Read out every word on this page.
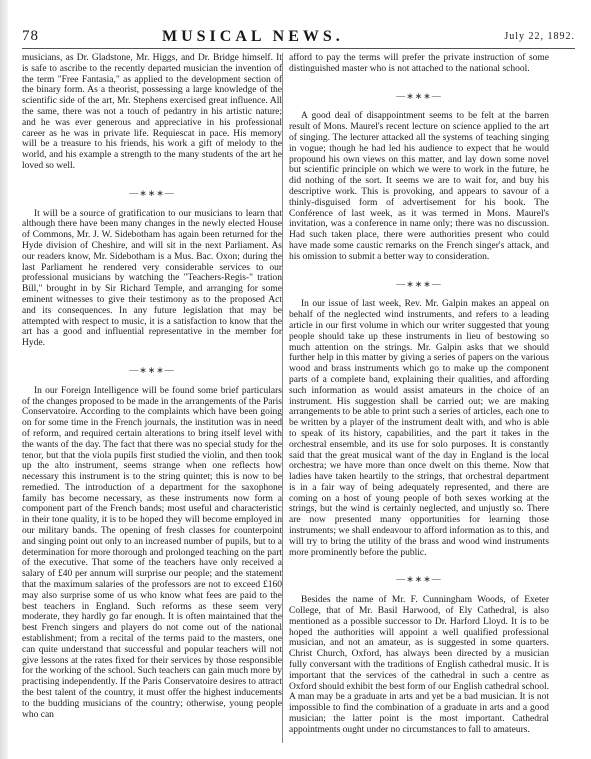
78	MUSICAL NEWS.	July 22, 1892.

musicians, as Dr. Gladstone, Mr. Higgs, and Dr. Bridge himself. It is safe to ascribe to the recently departed musician the invention of the term "Free Fantasia," as applied to the development section of the binary form. As a theorist, possessing a large knowledge of the scientific side of the art, Mr. Stephens exercised great influence. All the same, there was not a touch of pedantry in his artistic nature; and he was ever generous and appreciative in his professional career as he was in private life. Requiescat in pace. His memory will be a treasure to his friends, his work a gift of melody to the world, and his example a strength to the many students of the art he loved so well.

—∗∗∗—

It will be a source of gratification to our musicians to learn that although there have been many changes in the newly elected House of Commons, Mr. J. W. Sidebotham has again been returned for the Hyde division of Cheshire, and will sit in the next Parliament. As our readers know, Mr. Sidebotham is a Mus. Bac. Oxon; during the last Parliament he rendered very considerable services to our professional musicians by watching the "Teachers-Regis-" tration Bill," brought in by Sir Richard Temple, and arranging for some eminent witnesses to give their testimony as to the proposed Act and its consequences. In any future legislation that may be attempted with respect to music, it is a satisfaction to know that the art has a good and influential representative in the member for Hyde.

—∗∗∗—

In our Foreign Intelligence will be found some brief particulars of the changes proposed to be made in the arrangements of the Paris Conservatoire. According to the complaints which have been going on for some time in the French journals, the institution was in need of reform, and required certain alterations to bring itself level with the wants of the day. The fact that there was no special study for the tenor, but that the viola pupils first studied the violin, and then took up the alto instrument, seems strange when one reflects how necessary this instrument is to the string quintet; this is now to be remedied. The introduction of a department for the saxophone family has become necessary, as these instruments now form a component part of the French bands; most useful and characteristic in their tone quality, it is to be hoped they will become employed in our military bands. The opening of fresh classes for counterpoint and singing point out only to an increased number of pupils, but to a determination for more thorough and prolonged teaching on the part of the executive. That some of the teachers have only received a salary of £40 per annum will surprise our people; and the statement that the maximum salaries of the professors are not to exceed £160 may also surprise some of us who know what fees are paid to the best teachers in England. Such reforms as these seem very moderate, they hardly go far enough. It is often maintained that the best French singers and players do not come out of the national establishment; from a recital of the terms paid to the masters, one can quite understand that successful and popular teachers will not give lessons at the rates fixed for their services by those responsible for the working of the school. Such teachers can gain much more by practising independently. If the Paris Conservatoire desires to attract the best talent of the country, it must offer the highest inducements to the budding musicians of the country; otherwise, young people who can

afford to pay the terms will prefer the private instruction of some distinguished master who is not attached to the national school.

—∗∗∗—

A good deal of disappointment seems to be felt at the barren result of Mons. Maurel's recent lecture on science applied to the art of singing. The lecturer attacked all the systems of teaching singing in vogue; though he had led his audience to expect that he would propound his own views on this matter, and lay down some novel but scientific principle on which we were to work in the future, he did nothing of the sort. It seems we are to wait for, and buy his descriptive work. This is provoking, and appears to savour of a thinly-disguised form of advertisement for his book. The Conférence of last week, as it was termed in Mons. Maurel's invitation, was a conference in name only; there was no discussion. Had such taken place, there were authorities present who could have made some caustic remarks on the French singer's attack, and his omission to submit a better way to consideration.

—∗∗∗—

In our issue of last week, Rev. Mr. Galpin makes an appeal on behalf of the neglected wind instruments, and refers to a leading article in our first volume in which our writer suggested that young people should take up these instruments in lieu of bestowing so much attention on the strings. Mr. Galpin asks that we should further help in this matter by giving a series of papers on the various wood and brass instruments which go to make up the component parts of a complete band, explaining their qualities, and affording such information as would assist amateurs in the choice of an instrument. His suggestion shall be carried out; we are making arrangements to be able to print such a series of articles, each one to be written by a player of the instrument dealt with, and who is able to speak of its history, capabilities, and the part it takes in the orchestral ensemble, and its use for solo purposes. It is constantly said that the great musical want of the day in England is the local orchestra; we have more than once dwelt on this theme. Now that ladies have taken heartily to the strings, that orchestral department is in a fair way of being adequately represented, and there are coming on a host of young people of both sexes working at the strings, but the wind is certainly neglected, and unjustly so. There are now presented many opportunities for learning those instruments; we shall endeavour to afford information as to this, and will try to bring the utility of the brass and wood wind instruments more prominently before the public.

—∗∗∗—

Besides the name of Mr. F. Cunningham Woods, of Exeter College, that of Mr. Basil Harwood, of Ely Cathedral, is also mentioned as a possible successor to Dr. Harford Lloyd. It is to be hoped the authorities will appoint a well qualified professional musician, and not an amateur, as is suggested in some quarters. Christ Church, Oxford, has always been directed by a musician fully conversant with the traditions of English cathedral music. It is important that the services of the cathedral in such a centre as Oxford should exhibit the best form of our English cathedral school. A man may be a graduate in arts and yet be a bad musician. It is not impossible to find the combination of a graduate in arts and a good musician; the latter point is the most important. Cathedral appointments ought under no circumstances to fall to amateurs.
